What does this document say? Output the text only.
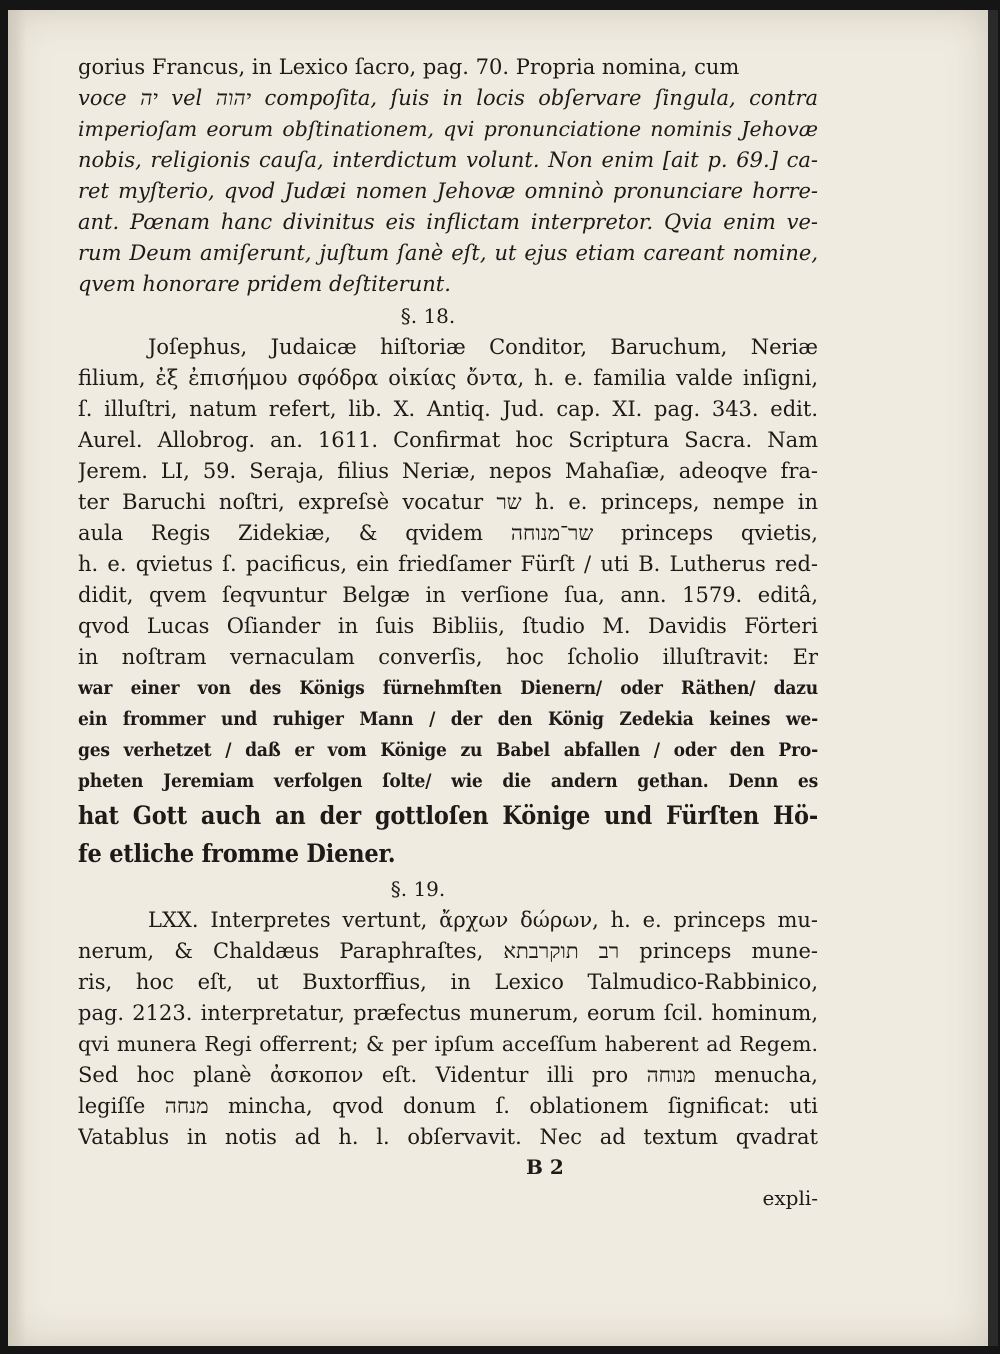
gorius Francus, in Lexico ſacro, pag. 70. Propria nomina, cum
voce יה vel יהוה compoſita, ſuis in locis obſervare ſingula, contra
imperioſam eorum obſtinationem, qvi pronunciatione nominis Jehovæ
nobis, religionis cauſa, interdictum volunt. Non enim [ait p. 69.] ca-
ret myſterio, qvod Judæi nomen Jehovæ omninò pronunciare horre-
ant. Pœnam hanc divinitus eis inflictam interpretor. Qvia enim ve-
rum Deum amiſerunt, juſtum ſanè eſt, ut ejus etiam careant nomine,
qvem honorare pridem deſtiterunt.
§. 18.
Joſephus, Judaicæ hiſtoriæ Conditor, Baruchum, Neriæ
filium, ἐξ ἐπισήμου σφόδρα οἰκίας ὄντα, h. e. familia valde inſigni,
ſ. illuſtri, natum refert, lib. X. Antiq. Jud. cap. XI. pag. 343. edit.
Aurel. Allobrog. an. 1611. Confirmat hoc Scriptura Sacra. Nam
Jerem. LI, 59. Seraja, filius Neriæ, nepos Mahaſiæ, adeoqve fra-
ter Baruchi noſtri, expreſsè vocatur שר h. e. princeps, nempe in
aula Regis Zidekiæ, & qvidem שר־מנוחה princeps qvietis,
h. e. qvietus ſ. pacificus, ein friedſamer Fürſt / uti B. Lutherus red-
didit, qvem ſeqvuntur Belgæ in verſione ſua, ann. 1579. editâ,
qvod Lucas Oſiander in ſuis Bibliis, ſtudio M. Davidis Förteri
in noſtram vernaculam converſis, hoc ſcholio illuſtravit: Er
war einer von des Königs fürnehmſten Dienern/ oder Räthen/ dazu
ein frommer und ruhiger Mann / der den König Zedekia keines we-
ges verhetzet / daß er vom Könige zu Babel abfallen / oder den Pro-
pheten Jeremiam verfolgen ſolte/ wie die andern gethan. Denn es
hat Gott auch an der gottloſen Könige und Fürſten Hö-
fe etliche fromme Diener.
§. 19.
LXX. Interpretes vertunt, ἄρχων δώρων, h. e. princeps mu-
nerum, & Chaldæus Paraphraſtes, רב תוקרבתא princeps mune-
ris, hoc eſt, ut Buxtorffius, in Lexico Talmudico-Rabbinico,
pag. 2123. interpretatur, præfectus munerum, eorum ſcil. hominum,
qvi munera Regi offerrent; & per ipſum acceſſum haberent ad Regem.
Sed hoc planè ἀσκοπον eſt. Videntur illi pro מנוחה menucha,
legiſſe מנחה mincha, qvod donum ſ. oblationem ſignificat: uti
Vatablus in notis ad h. l. obſervavit. Nec ad textum qvadrat
B 2
expli-
